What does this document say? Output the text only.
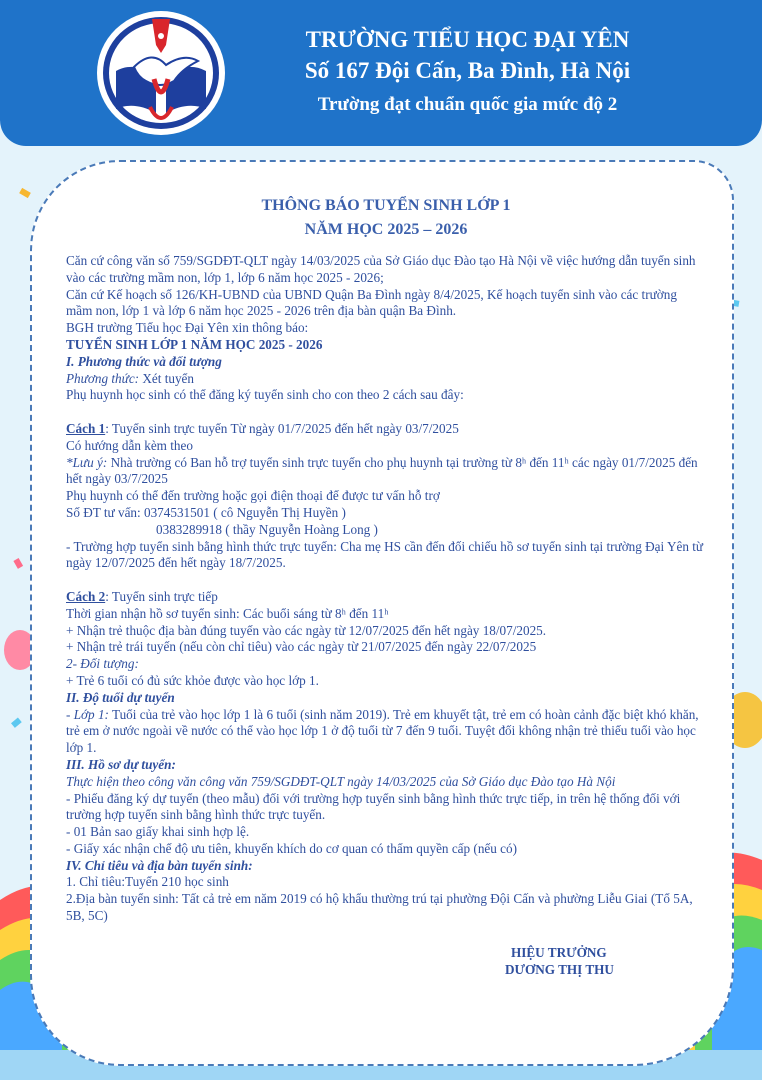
TRƯỜNG TIỂU HỌC ĐẠI YÊN
Số 167 Đội Cấn, Ba Đình, Hà Nội
Trường đạt chuẩn quốc gia mức độ 2
THÔNG BÁO TUYỂN SINH LỚP 1
NĂM HỌC 2025 – 2026

Căn cứ công văn số 759/SGDĐT-QLT ngày 14/03/2025 của Sở Giáo dục Đào tạo Hà Nội về việc hướng dẫn tuyển sinh vào các trường mầm non, lớp 1, lớp 6 năm học 2025 - 2026;

Căn cứ Kế hoạch số 126/KH-UBND của UBND Quận Ba Đình ngày 8/4/2025, Kế hoạch tuyển sinh vào các trường mầm non, lớp 1 và lớp 6 năm học 2025 - 2026 trên địa bàn quận Ba Đình.

BGH trường Tiểu học Đại Yên xin thông báo:

TUYỂN SINH LỚP 1 NĂM HỌC 2025 - 2026

I. Phương thức và đối tượng

Phương thức: Xét tuyển

Phụ huynh học sinh có thể đăng ký tuyển sinh cho con theo 2 cách sau đây:

Cách 1: Tuyển sinh trực tuyến Từ ngày 01/7/2025 đến hết ngày 03/7/2025

Có hướng dẫn kèm theo

*Lưu ý: Nhà trường có Ban hỗ trợ tuyển sinh trực tuyến cho phụ huynh tại trường từ 8ʰ đến 11ʰ các ngày 01/7/2025 đến hết ngày 03/7/2025

Phụ huynh có thể đến trường hoặc gọi điện thoại để được tư vấn hỗ trợ

Số ĐT tư vấn: 0374531501 ( cô Nguyễn Thị Huyền )

0383289918 ( thầy Nguyễn Hoàng Long )

- Trường hợp tuyển sinh bằng hình thức trực tuyến: Cha mẹ HS cần đến đối chiếu hồ sơ tuyển sinh tại trường Đại Yên từ ngày 12/07/2025 đến hết ngày 18/7/2025.

Cách 2: Tuyển sinh trực tiếp

Thời gian nhận hồ sơ tuyển sinh: Các buổi sáng từ 8ʰ đến 11ʰ

+ Nhận trẻ thuộc địa bàn đúng tuyến vào các ngày từ 12/07/2025 đến hết ngày 18/07/2025.

+ Nhận trẻ trái tuyến (nếu còn chỉ tiêu) vào các ngày từ 21/07/2025 đến ngày 22/07/2025

2- Đối tượng:

+ Trẻ 6 tuổi có đủ sức khỏe được vào học lớp 1.

II. Độ tuổi dự tuyển

- Lớp 1: Tuổi của trẻ vào học lớp 1 là 6 tuổi (sinh năm 2019). Trẻ em khuyết tật, trẻ em có hoàn cảnh đặc biệt khó khăn, trẻ em ở nước ngoài về nước có thể vào học lớp 1 ở độ tuổi từ 7 đến 9 tuổi. Tuyệt đối không nhận trẻ thiếu tuổi vào học lớp 1.

III. Hồ sơ dự tuyển:

Thực hiện theo công văn công văn 759/SGDĐT-QLT ngày 14/03/2025 của Sở Giáo dục Đào tạo Hà Nội

- Phiếu đăng ký dự tuyển (theo mẫu) đối với trường hợp tuyển sinh bằng hình thức trực tiếp, in trên hệ thống đối với trường hợp tuyển sinh bằng hình thức trực tuyến.

- 01 Bản sao giấy khai sinh hợp lệ.

- Giấy xác nhận chế độ ưu tiên, khuyến khích do cơ quan có thẩm quyền cấp (nếu có)

IV. Chỉ tiêu và địa bàn tuyển sinh:

1. Chỉ tiêu:Tuyển 210 học sinh

2.Địa bàn tuyển sinh: Tất cả trẻ em năm 2019 có hộ khẩu thường trú tại phường Đội Cấn và phường Liễu Giai (Tổ 5A, 5B, 5C)

HIỆU TRƯỞNG
DƯƠNG THỊ THU
